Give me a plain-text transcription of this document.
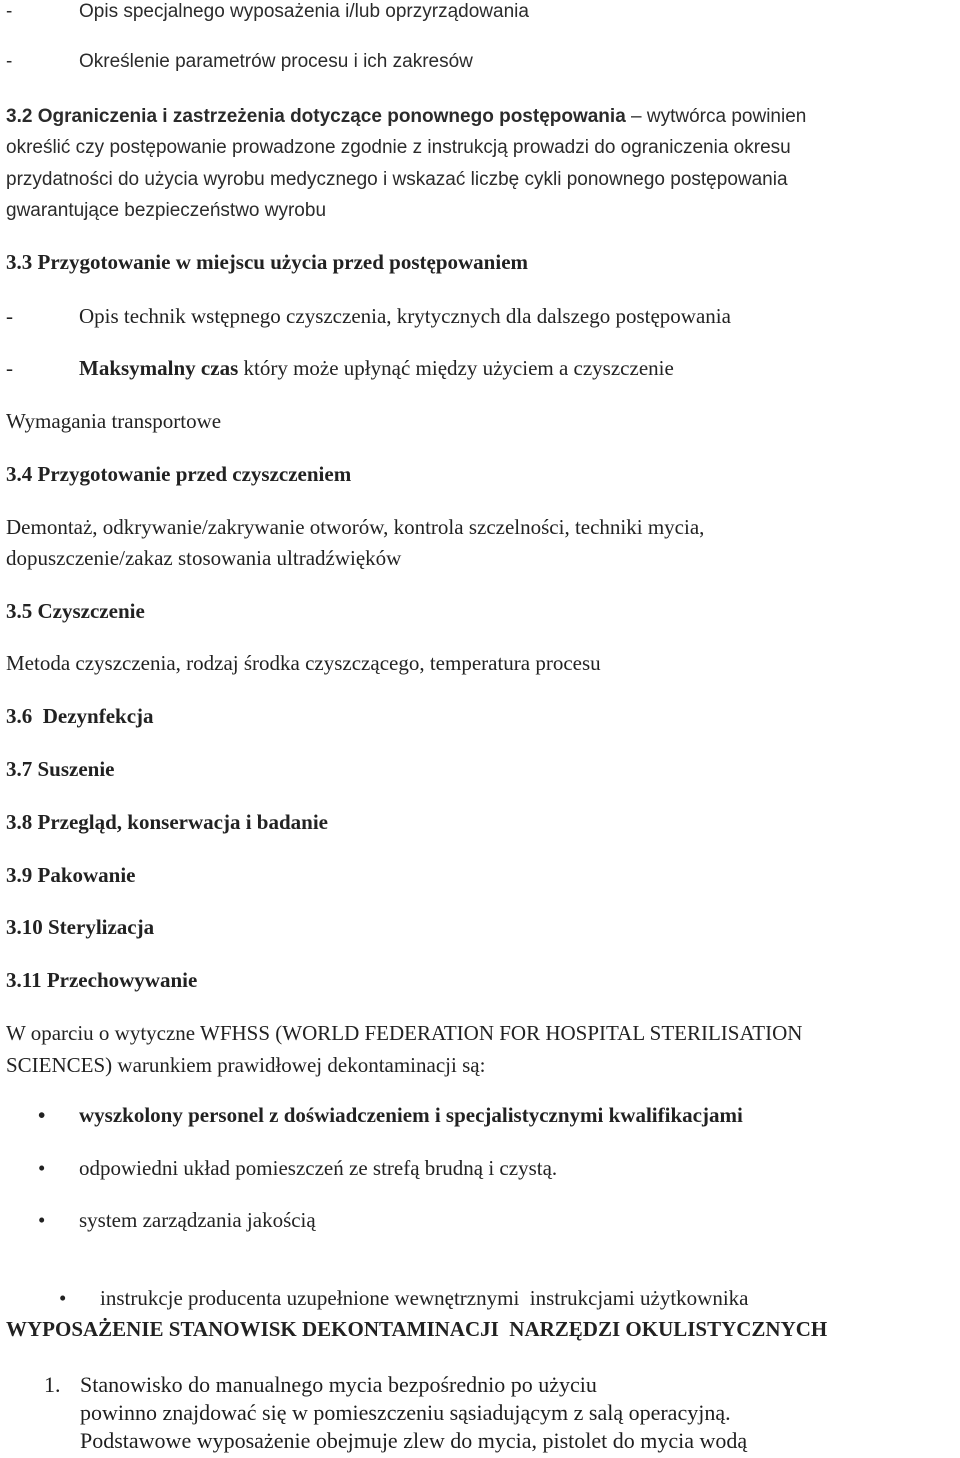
-	Opis specjalnego wyposażenia i/lub oprzyrządowania
-	Określenie parametrów procesu i ich zakresów
3.2 Ograniczenia i zastrzeżenia dotyczące ponownego postępowania – wytwórca powinien
określić czy postępowanie prowadzone zgodnie z instrukcją prowadzi do ograniczenia okresu
przydatności do użycia wyrobu medycznego i wskazać liczbę cykli ponownego postępowania
gwarantujące bezpieczeństwo wyrobu
3.3 Przygotowanie w miejscu użycia przed postępowaniem
-	Opis technik wstępnego czyszczenia, krytycznych dla dalszego postępowania
-	Maksymalny czas który może upłynąć między użyciem a czyszczenie
Wymagania transportowe
3.4 Przygotowanie przed czyszczeniem
Demontaż, odkrywanie/zakrywanie otworów, kontrola szczelności, techniki mycia,
dopuszczenie/zakaz stosowania ultradźwięków
3.5 Czyszczenie
Metoda czyszczenia, rodzaj środka czyszczącego, temperatura procesu
3.6  Dezynfekcja
3.7 Suszenie
3.8 Przegląd, konserwacja i badanie
3.9 Pakowanie
3.10 Sterylizacja
3.11 Przechowywanie
W oparciu o wytyczne WFHSS (WORLD FEDERATION FOR HOSPITAL STERILISATION
SCIENCES) warunkiem prawidłowej dekontaminacji są:
• wyszkolony personel z doświadczeniem i specjalistycznymi kwalifikacjami
• odpowiedni układ pomieszczeń ze strefą brudną i czystą.
• system zarządzania jakością

• instrukcje producenta uzupełnione wewnętrznymi  instrukcjami użytkownika

WYPOSAŻENIE STANOWISK DEKONTAMINACJI  NARZĘDZI OKULISTYCZNYCH
1. Stanowisko do manualnego mycia bezpośrednio po użyciu
powinno znajdować się w pomieszczeniu sąsiadującym z salą operacyjną.
Podstawowe wyposażenie obejmuje zlew do mycia, pistolet do mycia wodą
